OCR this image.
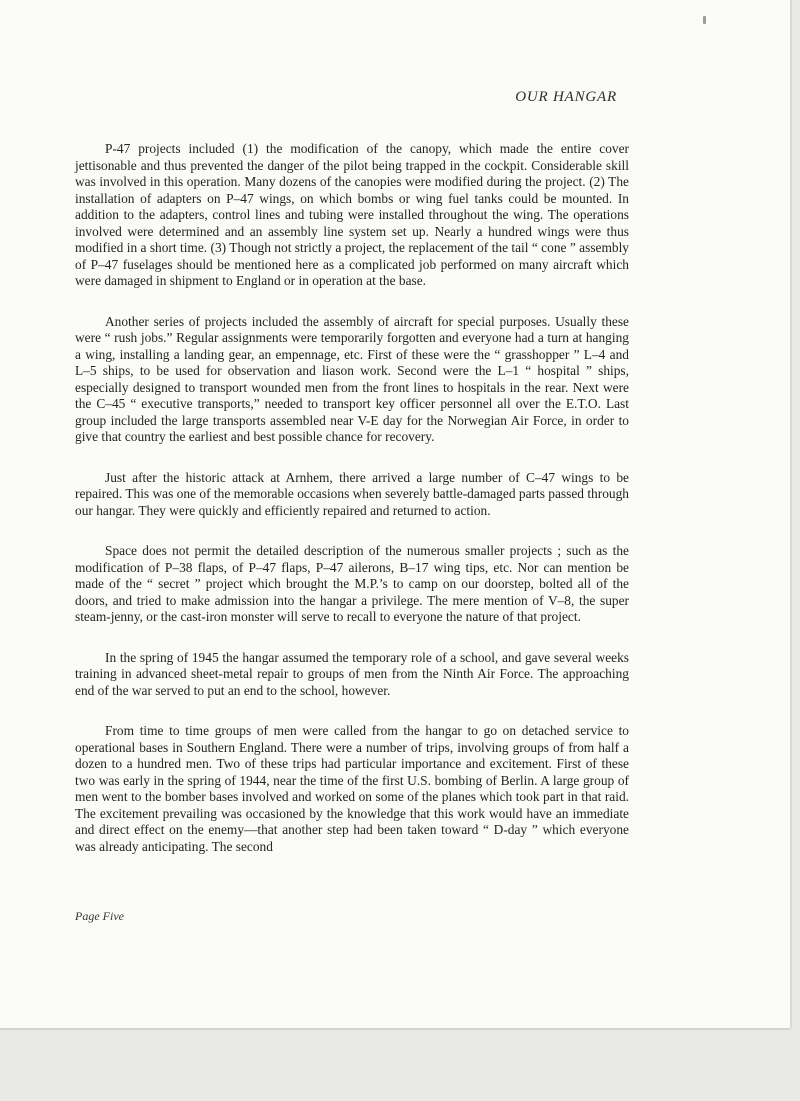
OUR HANGAR

P-47 projects included (1) the modification of the canopy, which made the entire cover jettisonable and thus prevented the danger of the pilot being trapped in the cockpit. Considerable skill was involved in this operation. Many dozens of the canopies were modified during the project. (2) The installation of adapters on P–47 wings, on which bombs or wing fuel tanks could be mounted. In addition to the adapters, control lines and tubing were installed throughout the wing. The operations involved were determined and an assembly line system set up. Nearly a hundred wings were thus modified in a short time. (3) Though not strictly a project, the replacement of the tail “ cone ” assembly of P–47 fuselages should be mentioned here as a complicated job performed on many aircraft which were damaged in shipment to England or in operation at the base.

Another series of projects included the assembly of aircraft for special purposes. Usually these were “ rush jobs.” Regular assignments were temporarily forgotten and everyone had a turn at hanging a wing, installing a landing gear, an empennage, etc. First of these were the “ grasshopper ” L–4 and L–5 ships, to be used for observation and liason work. Second were the L–1 “ hospital ” ships, especially designed to transport wounded men from the front lines to hospitals in the rear. Next were the C–45 “ executive transports,” needed to transport key officer personnel all over the E.T.O. Last group included the large transports assembled near V-E day for the Norwegian Air Force, in order to give that country the earliest and best possible chance for recovery.

Just after the historic attack at Arnhem, there arrived a large number of C–47 wings to be repaired. This was one of the memorable occasions when severely battle-damaged parts passed through our hangar. They were quickly and efficiently repaired and returned to action.

Space does not permit the detailed description of the numerous smaller projects ; such as the modification of P–38 flaps, of P–47 flaps, P–47 ailerons, B–17 wing tips, etc. Nor can mention be made of the “ secret ” project which brought the M.P.’s to camp on our doorstep, bolted all of the doors, and tried to make admission into the hangar a privilege. The mere mention of V–8, the super steam-jenny, or the cast-iron monster will serve to recall to everyone the nature of that project.

In the spring of 1945 the hangar assumed the temporary role of a school, and gave several weeks training in advanced sheet-metal repair to groups of men from the Ninth Air Force. The approaching end of the war served to put an end to the school, however.

From time to time groups of men were called from the hangar to go on detached service to operational bases in Southern England. There were a number of trips, involving groups of from half a dozen to a hundred men. Two of these trips had particular importance and excitement. First of these two was early in the spring of 1944, near the time of the first U.S. bombing of Berlin. A large group of men went to the bomber bases involved and worked on some of the planes which took part in that raid. The excitement prevailing was occasioned by the knowledge that this work would have an immediate and direct effect on the enemy—that another step had been taken toward “ D-day ” which everyone was already anticipating. The second

Page Five
